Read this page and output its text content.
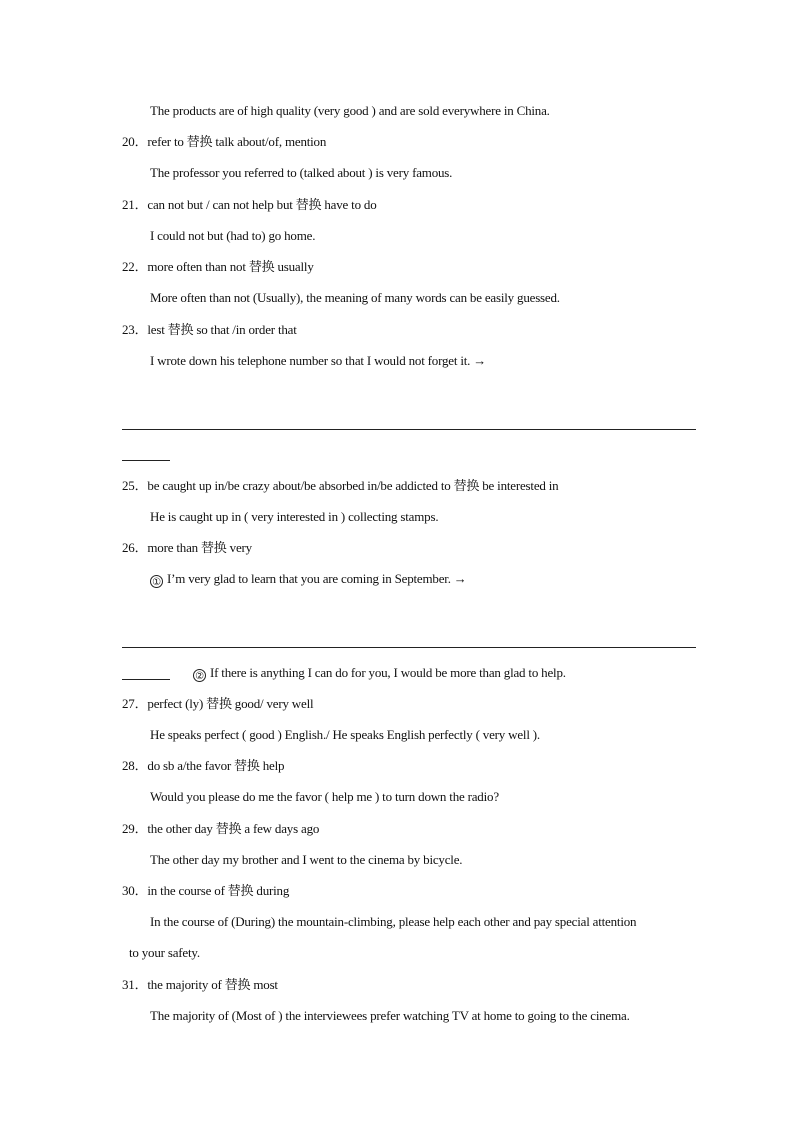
The products are of high quality (very good ) and are sold everywhere in China.
20．refer to 替换 talk about/of, mention
The professor you referred to (talked about ) is very famous.
21．can not but / can not help but 替换 have to do
I could not but (had to) go home.
22．more often than not 替换 usually
More often than not (Usually), the meaning of many words can be easily guessed.
23．lest 替换 so that /in order that
I wrote down his telephone number so that I would not forget it. →
25．be caught up in/be crazy about/be absorbed in/be addicted to 替换 be interested in
He is caught up in ( very interested in ) collecting stamps.
26．more than 替换 very
① I’m very glad to learn that you are coming in September. →
② If there is anything I can do for you, I would be more than glad to help.
27．perfect (ly) 替换 good/ very well
He speaks perfect ( good ) English./ He speaks English perfectly ( very well ).
28．do sb a/the favor 替换 help
Would you please do me the favor ( help me ) to turn down the radio?
29．the other day 替换 a few days ago
The other day my brother and I went to the cinema by bicycle.
30．in the course of 替换 during
In the course of (During) the mountain-climbing, please help each other and pay special attention
to your safety.
31．the majority of 替换 most
The majority of (Most of ) the interviewees prefer watching TV at home to going to the cinema.
